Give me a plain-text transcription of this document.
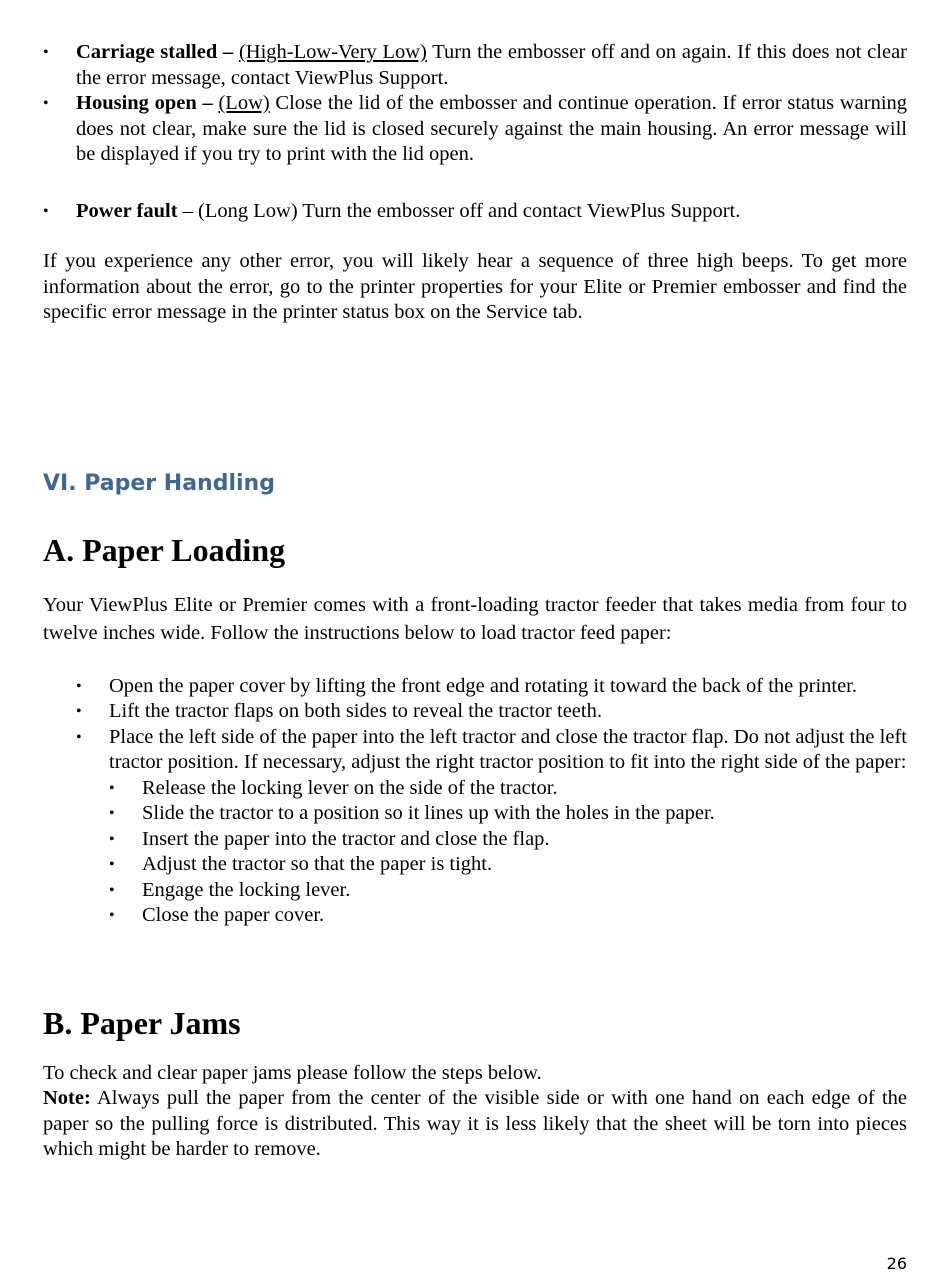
• Carriage stalled – (High-Low-Very Low) Turn the embosser off and on again. If this does not clear the error message, contact ViewPlus Support.
• Housing open – (Low) Close the lid of the embosser and continue operation. If error status warning does not clear, make sure the lid is closed securely against the main housing. An error message will be displayed if you try to print with the lid open.
• Power fault – (Long Low) Turn the embosser off and contact ViewPlus Support.

If you experience any other error, you will likely hear a sequence of three high beeps. To get more information about the error, go to the printer properties for your Elite or Premier embosser and find the specific error message in the printer status box on the Service tab.

VI. Paper Handling
A. Paper Loading

Your ViewPlus Elite or Premier comes with a front-loading tractor feeder that takes media from four to twelve inches wide. Follow the instructions below to load tractor feed paper:

• Open the paper cover by lifting the front edge and rotating it toward the back of the printer.
• Lift the tractor flaps on both sides to reveal the tractor teeth.
• Place the left side of the paper into the left tractor and close the tractor flap. Do not adjust the left tractor position. If necessary, adjust the right tractor position to fit into the right side of the paper:
• Release the locking lever on the side of the tractor.
• Slide the tractor to a position so it lines up with the holes in the paper.
• Insert the paper into the tractor and close the flap.
• Adjust the tractor so that the paper is tight.
• Engage the locking lever.
• Close the paper cover.
B. Paper Jams

To check and clear paper jams please follow the steps below.

Note: Always pull the paper from the center of the visible side or with one hand on each edge of the paper so the pulling force is distributed. This way it is less likely that the sheet will be torn into pieces which might be harder to remove.

26
